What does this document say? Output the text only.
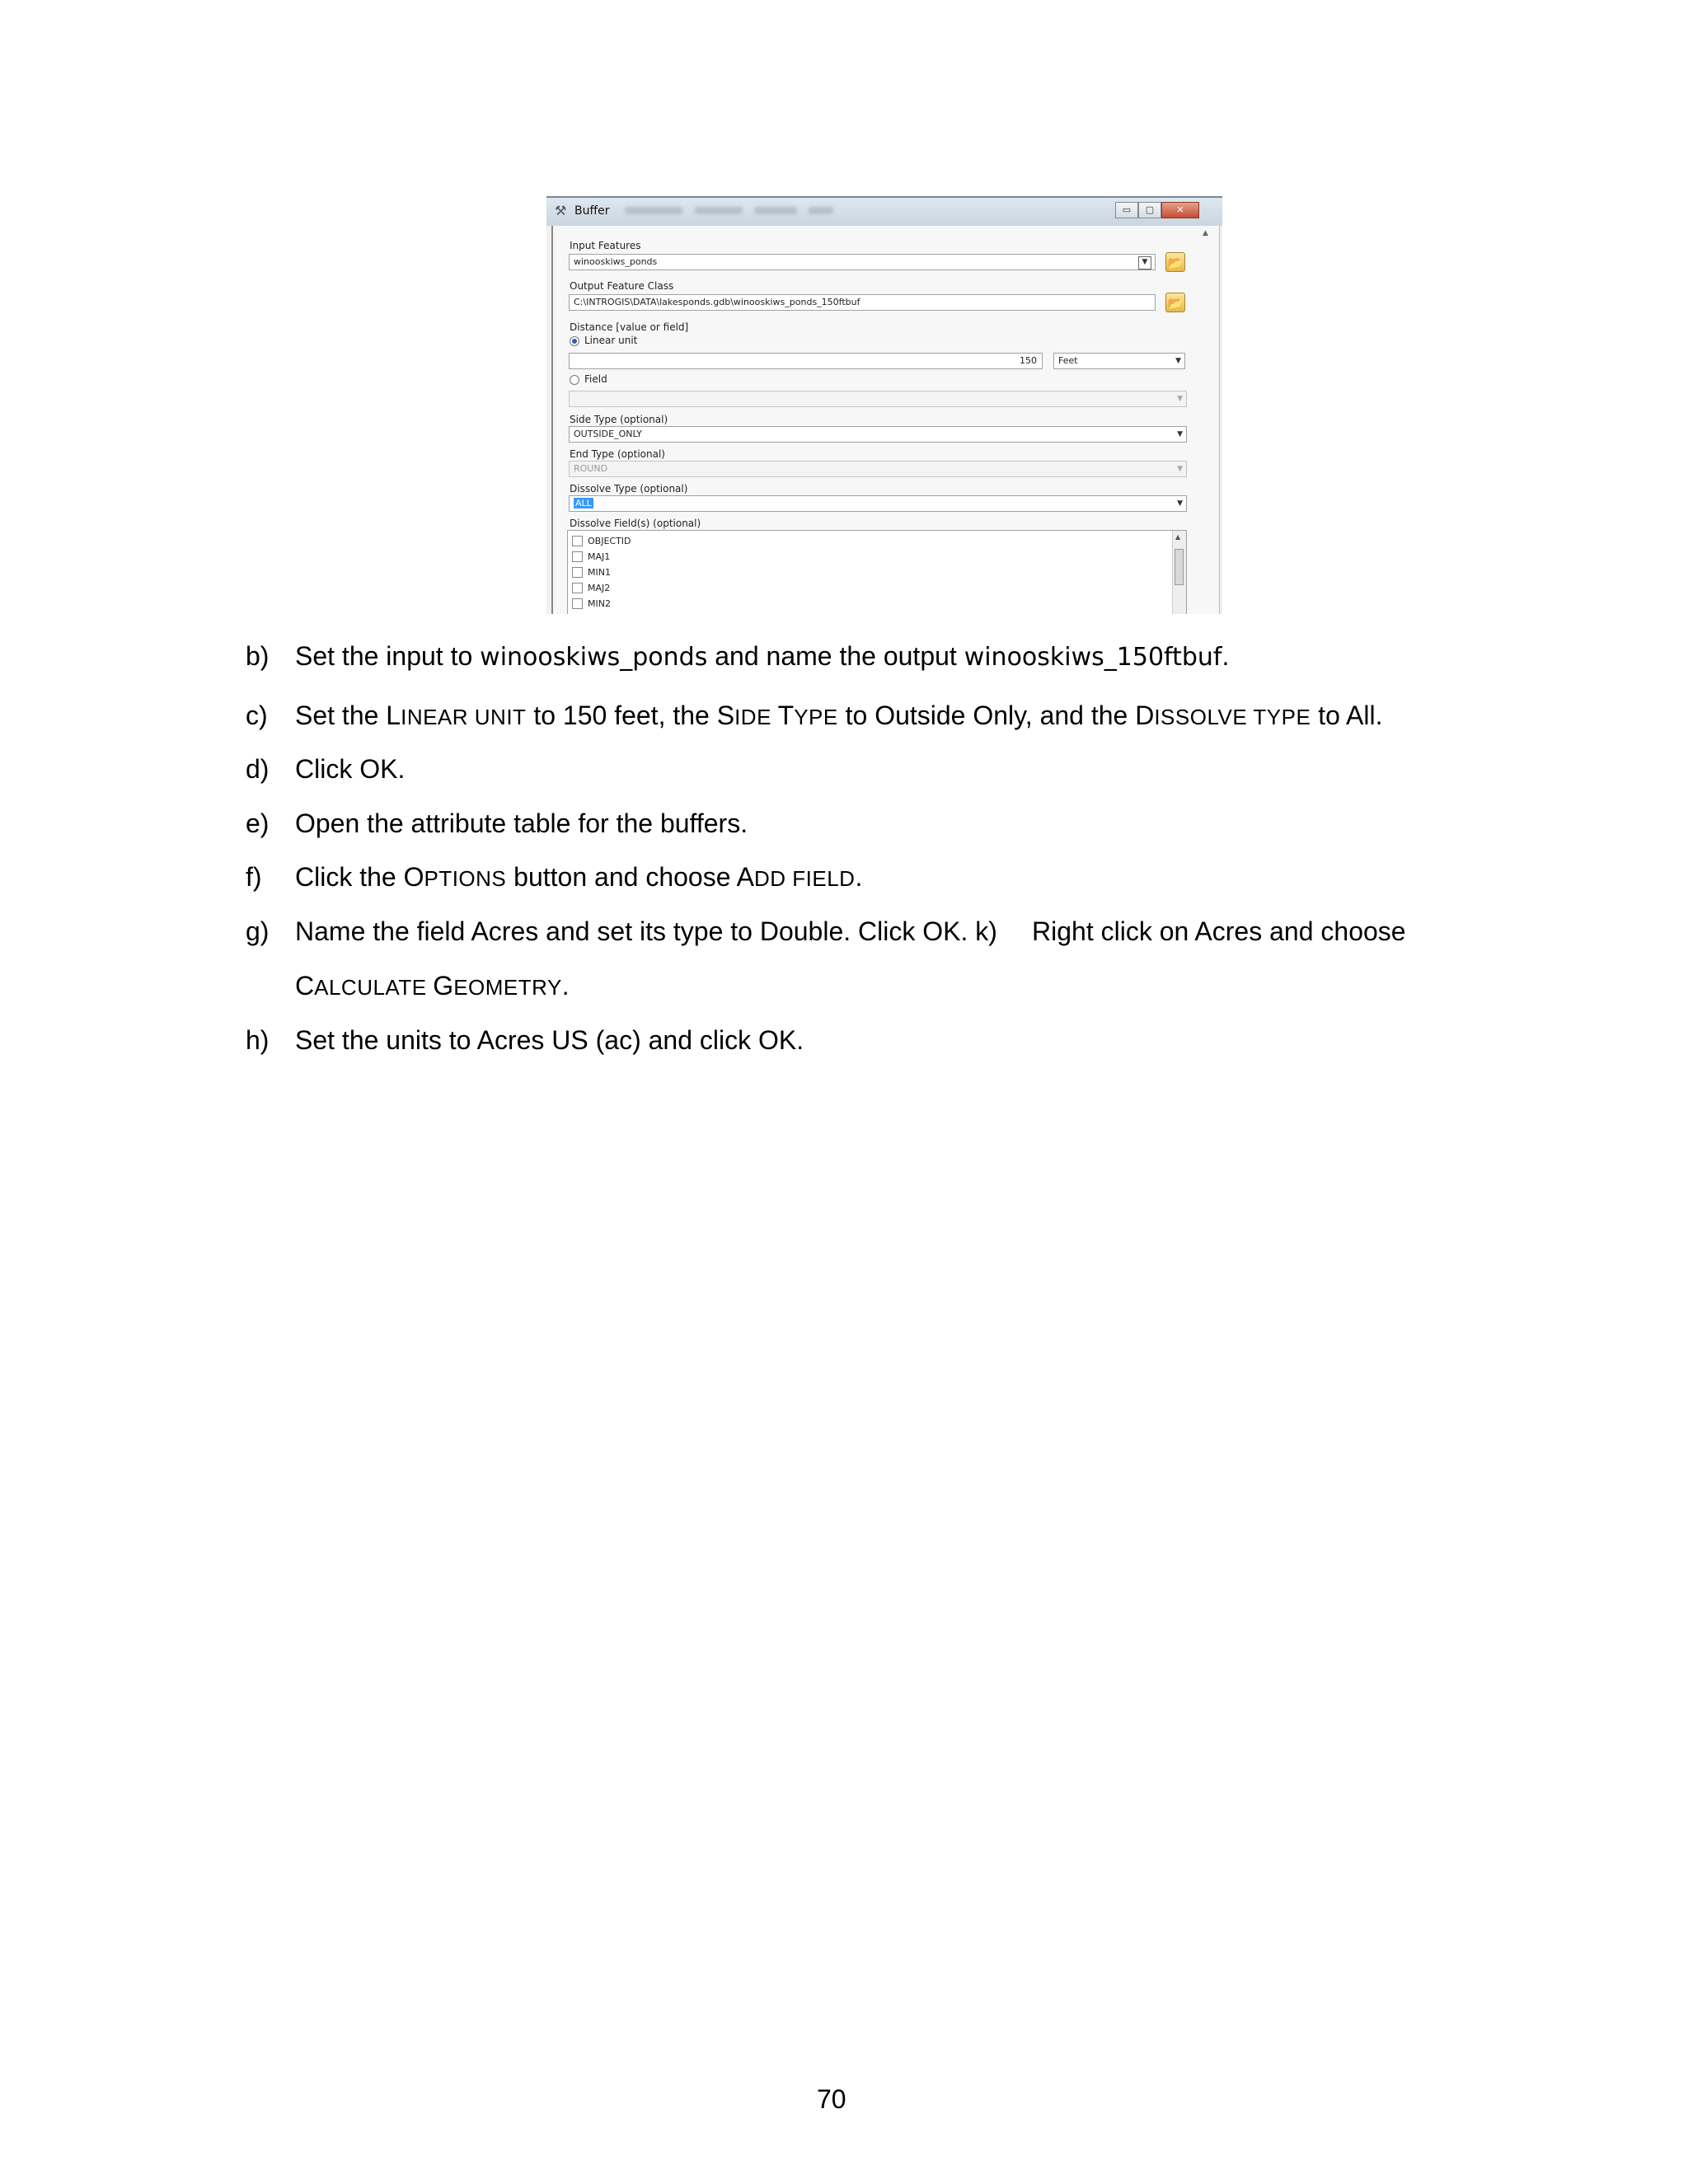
⚒ Buffer	▭	▢	✕
Input Features
winooskiws_ponds	▼	📂
Output Feature Class
C:\INTROGIS\DATA\lakesponds.gdb\winooskiws_ponds_150ftbuf	📂
Distance [value or field]
Linear unit
150	Feet	▼
Field
▼
Side Type (optional)
OUTSIDE_ONLY	▼
End Type (optional)
ROUND	▼
Dissolve Type (optional)
ALL	▼
Dissolve Field(s) (optional)
OBJECTID
MAJ1
MIN1
MAJ2
MIN2
▲
▲
b) Set the input to winooskiws_ponds and name the output winooskiws_150ftbuf.
c) Set the LINEAR UNIT to 150 feet, the SIDE TYPE to Outside Only, and the DISSOLVE TYPE to All.
d) Click OK.
e) Open the attribute table for the buffers.
f) Click the OPTIONS button and choose ADD FIELD.
g) Name the field Acres and set its type to Double. Click OK. k) Right click on Acres and choose
CALCULATE GEOMETRY.
h) Set the units to Acres US (ac) and click OK.
70
